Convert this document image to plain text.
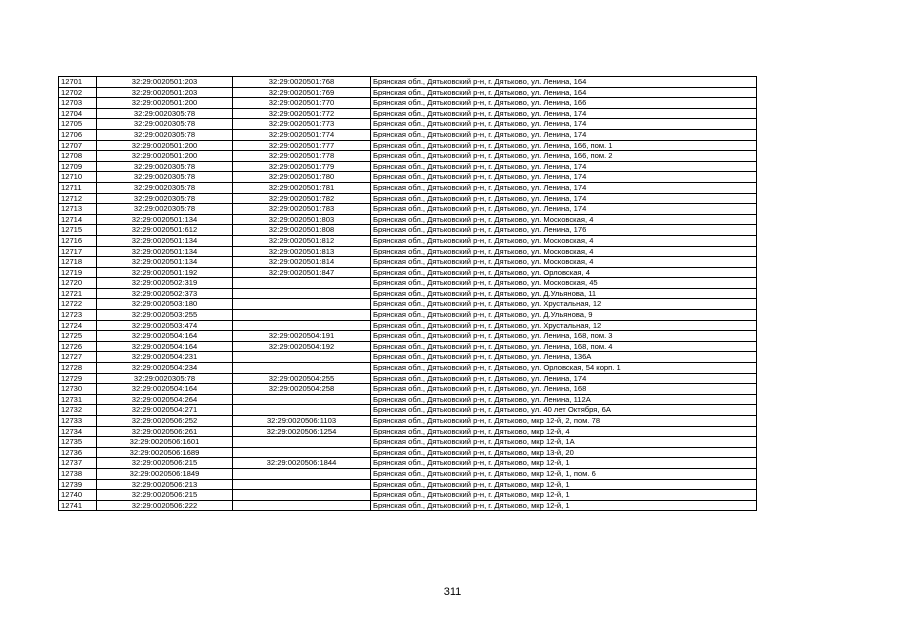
12701	32:29:0020501:203	32:29:0020501:768	Брянская обл., Дятьковский р-н, г. Дятьково, ул. Ленина, 164
12702	32:29:0020501:203	32:29:0020501:769	Брянская обл., Дятьковский р-н, г. Дятьково, ул. Ленина, 164
12703	32:29:0020501:200	32:29:0020501:770	Брянская обл., Дятьковский р-н, г. Дятьково, ул. Ленина, 166
12704	32:29:0020305:78	32:29:0020501:772	Брянская обл., Дятьковский р-н, г. Дятьково, ул. Ленина, 174
12705	32:29:0020305:78	32:29:0020501:773	Брянская обл., Дятьковский р-н, г. Дятьково, ул. Ленина, 174
12706	32:29:0020305:78	32:29:0020501:774	Брянская обл., Дятьковский р-н, г. Дятьково, ул. Ленина, 174
12707	32:29:0020501:200	32:29:0020501:777	Брянская обл., Дятьковский р-н, г. Дятьково, ул. Ленина, 166, пом. 1
12708	32:29:0020501:200	32:29:0020501:778	Брянская обл., Дятьковский р-н, г. Дятьково, ул. Ленина, 166, пом. 2
12709	32:29:0020305:78	32:29:0020501:779	Брянская обл., Дятьковский р-н, г. Дятьково, ул. Ленина, 174
12710	32:29:0020305:78	32:29:0020501:780	Брянская обл., Дятьковский р-н, г. Дятьково, ул. Ленина, 174
12711	32:29:0020305:78	32:29:0020501:781	Брянская обл., Дятьковский р-н, г. Дятьково, ул. Ленина, 174
12712	32:29:0020305:78	32:29:0020501:782	Брянская обл., Дятьковский р-н, г. Дятьково, ул. Ленина, 174
12713	32:29:0020305:78	32:29:0020501:783	Брянская обл., Дятьковский р-н, г. Дятьково, ул. Ленина, 174
12714	32:29:0020501:134	32:29:0020501:803	Брянская обл., Дятьковский р-н, г. Дятьково, ул. Московская, 4
12715	32:29:0020501:612	32:29:0020501:808	Брянская обл., Дятьковский р-н, г. Дятьково, ул. Ленина, 176
12716	32:29:0020501:134	32:29:0020501:812	Брянская обл., Дятьковский р-н, г. Дятьково, ул. Московская, 4
12717	32:29:0020501:134	32:29:0020501:813	Брянская обл., Дятьковский р-н, г. Дятьково, ул. Московская, 4
12718	32:29:0020501:134	32:29:0020501:814	Брянская обл., Дятьковский р-н, г. Дятьково, ул. Московская, 4
12719	32:29:0020501:192	32:29:0020501:847	Брянская обл., Дятьковский р-н, г. Дятьково, ул. Орловская, 4
12720	32:29:0020502:319		Брянская обл., Дятьковский р-н, г. Дятьково, ул. Московская, 45
12721	32:29:0020502:373		Брянская обл., Дятьковский р-н, г. Дятьково, ул. Д.Ульянова, 11
12722	32:29:0020503:180		Брянская обл., Дятьковский р-н, г. Дятьково, ул. Хрустальная, 12
12723	32:29:0020503:255		Брянская обл., Дятьковский р-н, г. Дятьково, ул. Д.Ульянова, 9
12724	32:29:0020503:474		Брянская обл., Дятьковский р-н, г. Дятьково, ул. Хрустальная, 12
12725	32:29:0020504:164	32:29:0020504:191	Брянская обл., Дятьковский р-н, г. Дятьково, ул. Ленина, 168, пом. 3
12726	32:29:0020504:164	32:29:0020504:192	Брянская обл., Дятьковский р-н, г. Дятьково, ул. Ленина, 168, пом. 4
12727	32:29:0020504:231		Брянская обл., Дятьковский р-н, г. Дятьково, ул. Ленина, 136А
12728	32:29:0020504:234		Брянская обл., Дятьковский р-н, г. Дятьково, ул. Орловская, 54 корп. 1
12729	32:29:0020305:78	32:29:0020504:255	Брянская обл., Дятьковский р-н, г. Дятьково, ул. Ленина, 174
12730	32:29:0020504:164	32:29:0020504:258	Брянская обл., Дятьковский р-н, г. Дятьково, ул. Ленина, 168
12731	32:29:0020504:264		Брянская обл., Дятьковский р-н, г. Дятьково, ул. Ленина, 112А
12732	32:29:0020504:271		Брянская обл., Дятьковский р-н, г. Дятьково, ул. 40 лет Октября, 6А
12733	32:29:0020506:252	32:29:0020506:1103	Брянская обл., Дятьковский р-н, г. Дятьково, мкр 12-й, 2, пом. 78
12734	32:29:0020506:261	32:29:0020506:1254	Брянская обл., Дятьковский р-н, г. Дятьково, мкр 12-й, 4
12735	32:29:0020506:1601		Брянская обл., Дятьковский р-н, г. Дятьково, мкр 12-й, 1А
12736	32:29:0020506:1689		Брянская обл., Дятьковский р-н, г. Дятьково, мкр 13-й, 20
12737	32:29:0020506:215	32:29:0020506:1844	Брянская обл., Дятьковский р-н, г. Дятьково, мкр 12-й, 1
12738	32:29:0020506:1849		Брянская обл., Дятьковский р-н, г. Дятьково, мкр 12-й, 1, пом. 6
12739	32:29:0020506:213		Брянская обл., Дятьковский р-н, г. Дятьково, мкр 12-й, 1
12740	32:29:0020506:215		Брянская обл., Дятьковский р-н, г. Дятьково, мкр 12-й, 1
12741	32:29:0020506:222		Брянская обл., Дятьковский р-н, г. Дятьково, мкр 12-й, 1
311
